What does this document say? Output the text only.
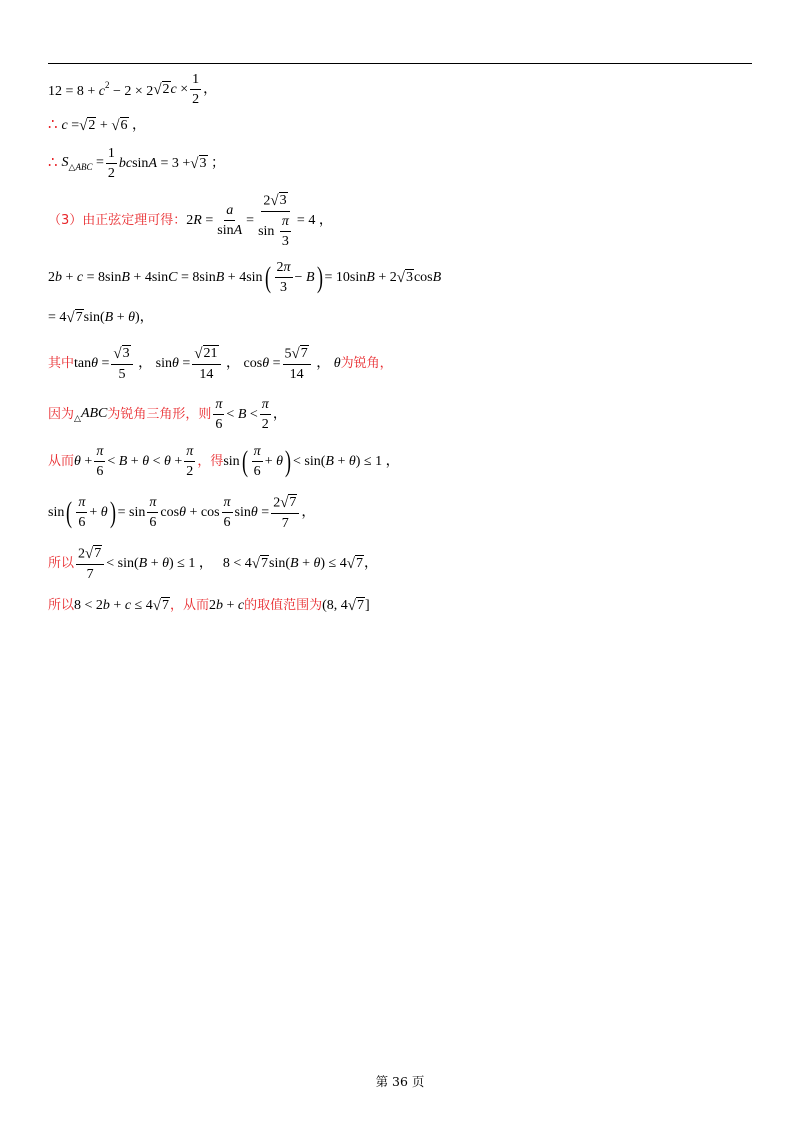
$12 = 8 + c^2 - 2 \times 2$ √ 2 $c \times \frac{1}{2}$ ，
∴ c = √ 2 + √ 6 ，
∴ $S_{\triangle ABC} = \frac{1}{2}$ bcsinA = 3 + √ 3 ；
（3）由正弦定理可得： $2R = \frac{a}{\sin A} = \frac{2 √ 3}{\sin \frac{\pi}{3}} = 4$ ，
2b + c = 8sinB + 4sinC = 8sinB + 4sin ( $\frac{2\pi}{3} - B$ ) = 10sinB + 2 √ 3 cosB
= 4 √ 7 sin(B + θ)，
其中 $\tan\theta = \frac{√ 3}{5}$ ， $\sin\theta = \frac{√ 21}{14}$ ， $\cos\theta = \frac{5 √ 7}{14}$ ， θ 为锐角，
因为 $_\triangle$ABC 为锐角三角形，则 $\frac{\pi}{6} < B < \frac{\pi}{2}$ ，
从而 $\theta + \frac{\pi}{6} < B + \theta < \theta + \frac{\pi}{2}$ ，得 sin ( $\frac{\pi}{6} + \theta$ ) < sin(B + θ) ≤ 1 ，
sin ( $\frac{\pi}{6} + \theta$ ) = $\sin \frac{\pi}{6}$ $\cos\theta + \cos \frac{\pi}{6}$ $\sin\theta = \frac{2 √ 7}{7}$ ，
所以 $\frac{2 √ 7}{7} < \sin(B + \theta) \le 1$ ， 8 < 4 √ 7 sin(B + θ) ≤ 4 √ 7 ，
所以 8 < 2b + c ≤ 4 √ 7 ，从而 2b + c 的取值范围为 (8, 4 √ 7 ]
第 36 页
